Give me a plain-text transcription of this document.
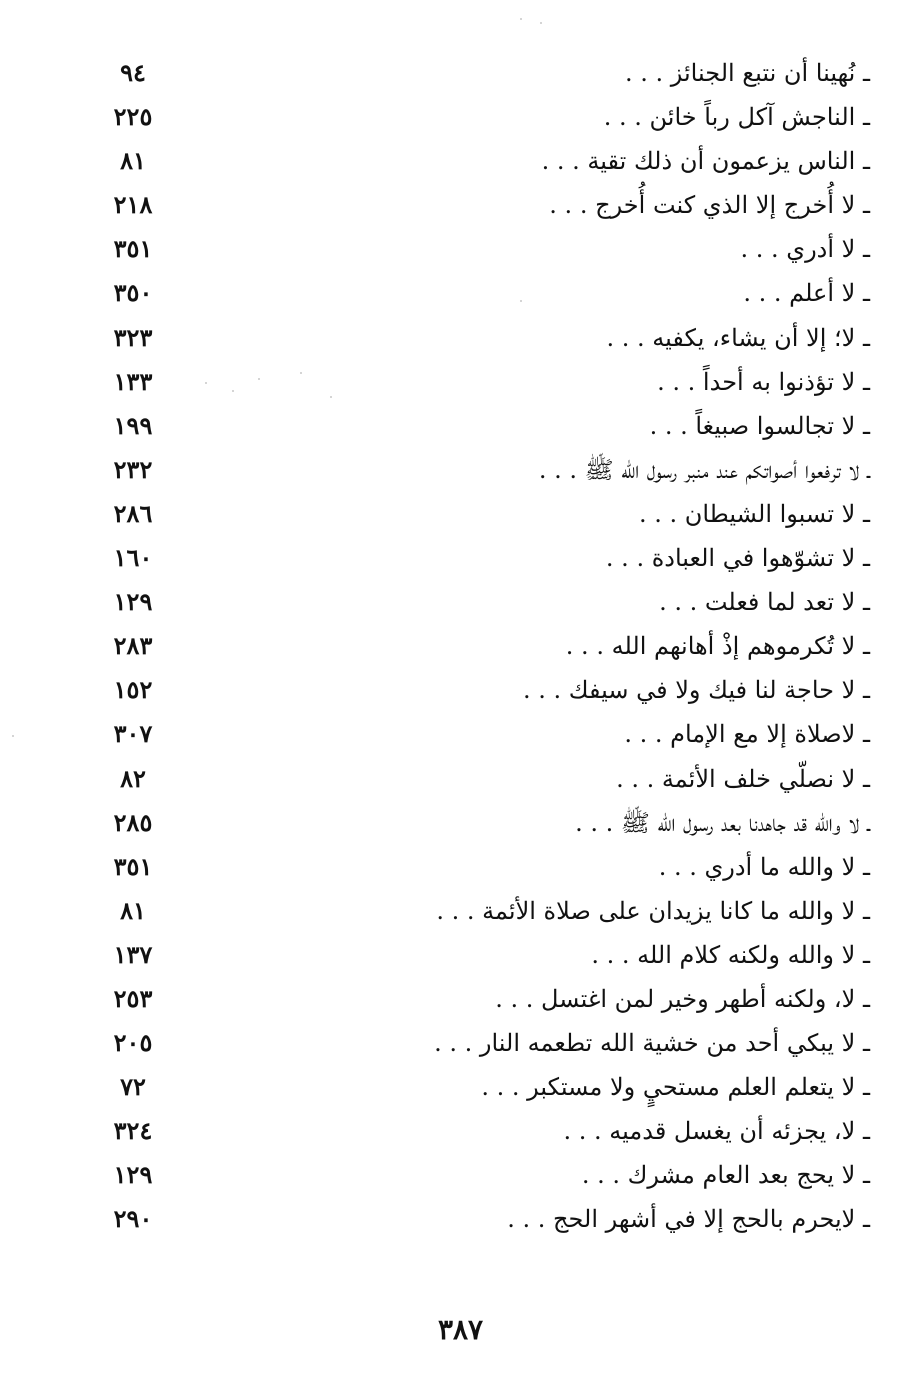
ـ نُهينا أن نتبع الجنائز . . .
٩٤
ـ الناجش آكل رباً خائن . . .
٢٢٥
ـ الناس يزعمون أن ذلك تقية . . .
٨١
ـ لا أُخرج إلا الذي كنت أُخرج . . .
٢١٨
ـ لا أدري . . .
٣٥١
ـ لا أعلم . . .
٣٥٠
ـ لا؛ إلا أن يشاء، يكفيه . . .
٣٢٣
ـ لا تؤذنوا به أحداً . . .
١٣٣
ـ لا تجالسوا صبيغاً . . .
١٩٩
ـ لا ترفعوا أصواتكم عند منبر رسول الله ﷺ . . .
٢٣٢
ـ لا تسبوا الشيطان . . .
٢٨٦
ـ لا تشوّهوا في العبادة . . .
١٦٠
ـ لا تعد لما فعلت . . .
١٢٩
ـ لا تُكرموهم إذْ أهانهم الله . . .
٢٨٣
ـ لا حاجة لنا فيك ولا في سيفك . . .
١٥٢
ـ لاصلاة إلا مع الإمام . . .
٣٠٧
ـ لا نصلّي خلف الأئمة . . .
٨٢
ـ لا والله قد جاهدنا بعد رسول الله ﷺ . . .
٢٨٥
ـ لا والله ما أدري . . .
٣٥١
ـ لا والله ما كانا يزيدان على صلاة الأئمة . . .
٨١
ـ لا والله ولكنه كلام الله . . .
١٣٧
ـ لا، ولكنه أطهر وخير لمن اغتسل . . .
٢٥٣
ـ لا يبكي أحد من خشية الله تطعمه النار . . .
٢٠٥
ـ لا يتعلم العلم مستحيٍ ولا مستكبر . . .
٧٢
ـ لا، يجزئه أن يغسل قدميه . . .
٣٢٤
ـ لا يحج بعد العام مشرك . . .
١٢٩
ـ لايحرم بالحج إلا في أشهر الحج . . .
٢٩٠
٣٨٧
